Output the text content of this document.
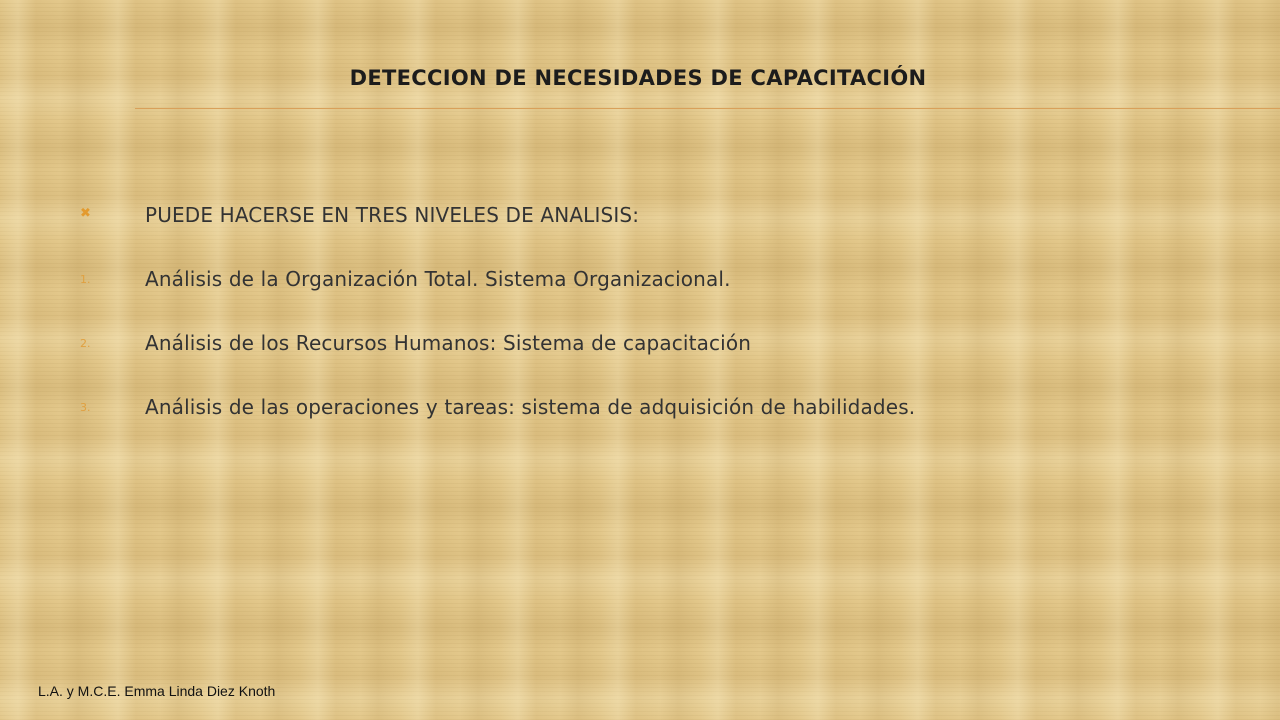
DETECCION DE NECESIDADES DE CAPACITACIÓN
✖	PUEDE HACERSE EN TRES NIVELES DE ANALISIS:
1.	Análisis de la Organización Total. Sistema Organizacional.
2.	Análisis de los Recursos Humanos: Sistema de capacitación
3.	Análisis de las operaciones y tareas: sistema de adquisición de habilidades.
L.A. y M.C.E. Emma Linda Diez Knoth
